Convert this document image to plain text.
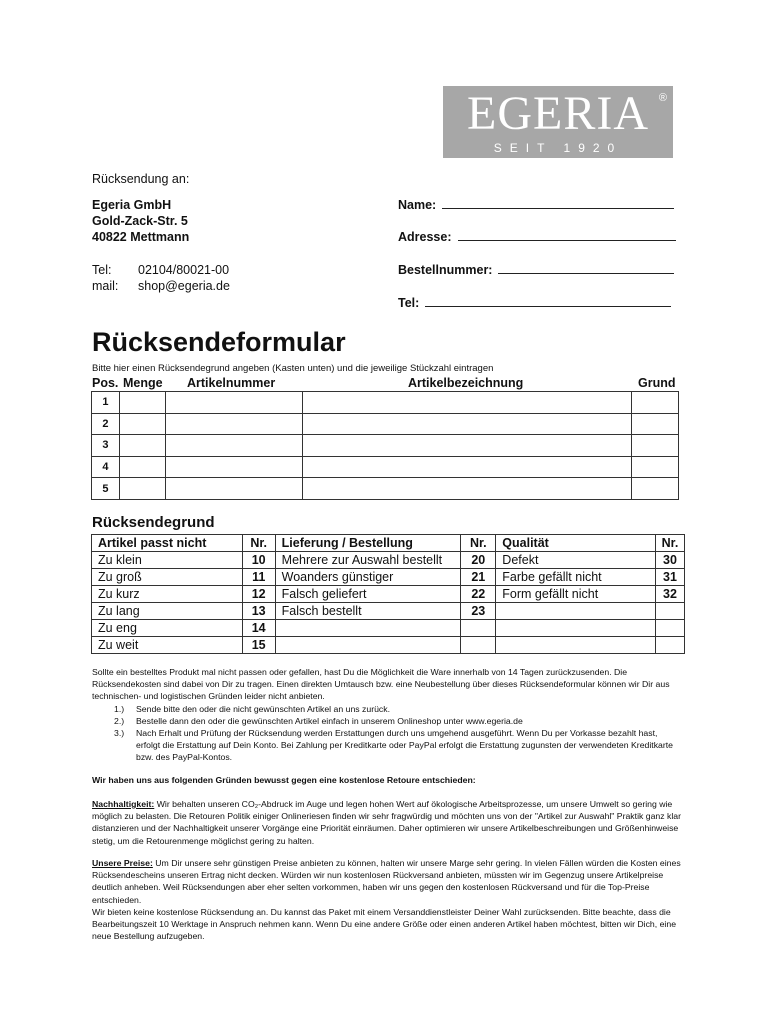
EGERIA ®
SEIT 1920
Rücksendung an:
Egeria GmbH
Gold-Zack-Str. 5
40822 Mettmann
Tel: 02104/80021-00
mail: shop@egeria.de
Name:
Adresse:
Bestellnummer:
Tel:
Rücksendeformular
Bitte hier einen Rücksendegrund angeben (Kasten unten) und die jeweilige Stückzahl eintragen
Pos. Menge Artikelnummer	Artikelbezeichnung	Grund
1				
2				
3				
4				
5				
Rücksendegrund
Artikel passt nicht	Nr.	Lieferung / Bestellung	Nr.	Qualität	Nr.
Zu klein	10	Mehrere zur Auswahl bestellt	20	Defekt	30
Zu groß	11	Woanders günstiger	21	Farbe gefällt nicht	31
Zu kurz	12	Falsch geliefert	22	Form gefällt nicht	32
Zu lang	13	Falsch bestellt	23		
Zu eng	14				
Zu weit	15				
Sollte ein bestelltes Produkt mal nicht passen oder gefallen, hast Du die Möglichkeit die Ware innerhalb von 14 Tagen zurückzusenden. Die Rücksendekosten sind dabei von Dir zu tragen. Einen direkten Umtausch bzw. eine Neubestellung über dieses Rücksendeformular können wir Dir aus technischen- und logistischen Gründen leider nicht anbieten.
1.) Sende bitte den oder die nicht gewünschten Artikel an uns zurück.
2.) Bestelle dann den oder die gewünschten Artikel einfach in unserem Onlineshop unter www.egeria.de
3.) Nach Erhalt und Prüfung der Rücksendung werden Erstattungen durch uns umgehend ausgeführt. Wenn Du per Vorkasse bezahlt hast, erfolgt die Erstattung auf Dein Konto. Bei Zahlung per Kreditkarte oder PayPal erfolgt die Erstattung zugunsten der verwendeten Kreditkarte bzw. des PayPal-Kontos.
Wir haben uns aus folgenden Gründen bewusst gegen eine kostenlose Retoure entschieden:
Nachhaltigkeit: Wir behalten unseren CO₂-Abdruck im Auge und legen hohen Wert auf ökologische Arbeitsprozesse, um unsere Umwelt so gering wie möglich zu belasten. Die Retouren Politik einiger Onlineriesen finden wir sehr fragwürdig und möchten uns von der "Artikel zur Auswahl" Praktik ganz klar distanzieren und der Nachhaltigkeit unserer Vorgänge eine Priorität einräumen. Daher optimieren wir unsere Artikelbeschreibungen und Größenhinweise stetig, um die Retourenmenge möglichst gering zu halten.
Unsere Preise: Um Dir unsere sehr günstigen Preise anbieten zu können, halten wir unsere Marge sehr gering. In vielen Fällen würden die Kosten eines Rücksendescheins unseren Ertrag nicht decken. Würden wir nun kostenlosen Rückversand anbieten, müssten wir im Gegenzug unsere Artikelpreise deutlich anheben. Weil Rücksendungen aber eher selten vorkommen, haben wir uns gegen den kostenlosen Rückversand und für die Top-Preise entschieden.
Wir bieten keine kostenlose Rücksendung an. Du kannst das Paket mit einem Versanddienstleister Deiner Wahl zurücksenden. Bitte beachte, dass die Bearbeitungszeit 10 Werktage in Anspruch nehmen kann. Wenn Du eine andere Größe oder einen anderen Artikel haben möchtest, bitten wir Dich, eine neue Bestellung aufzugeben.
